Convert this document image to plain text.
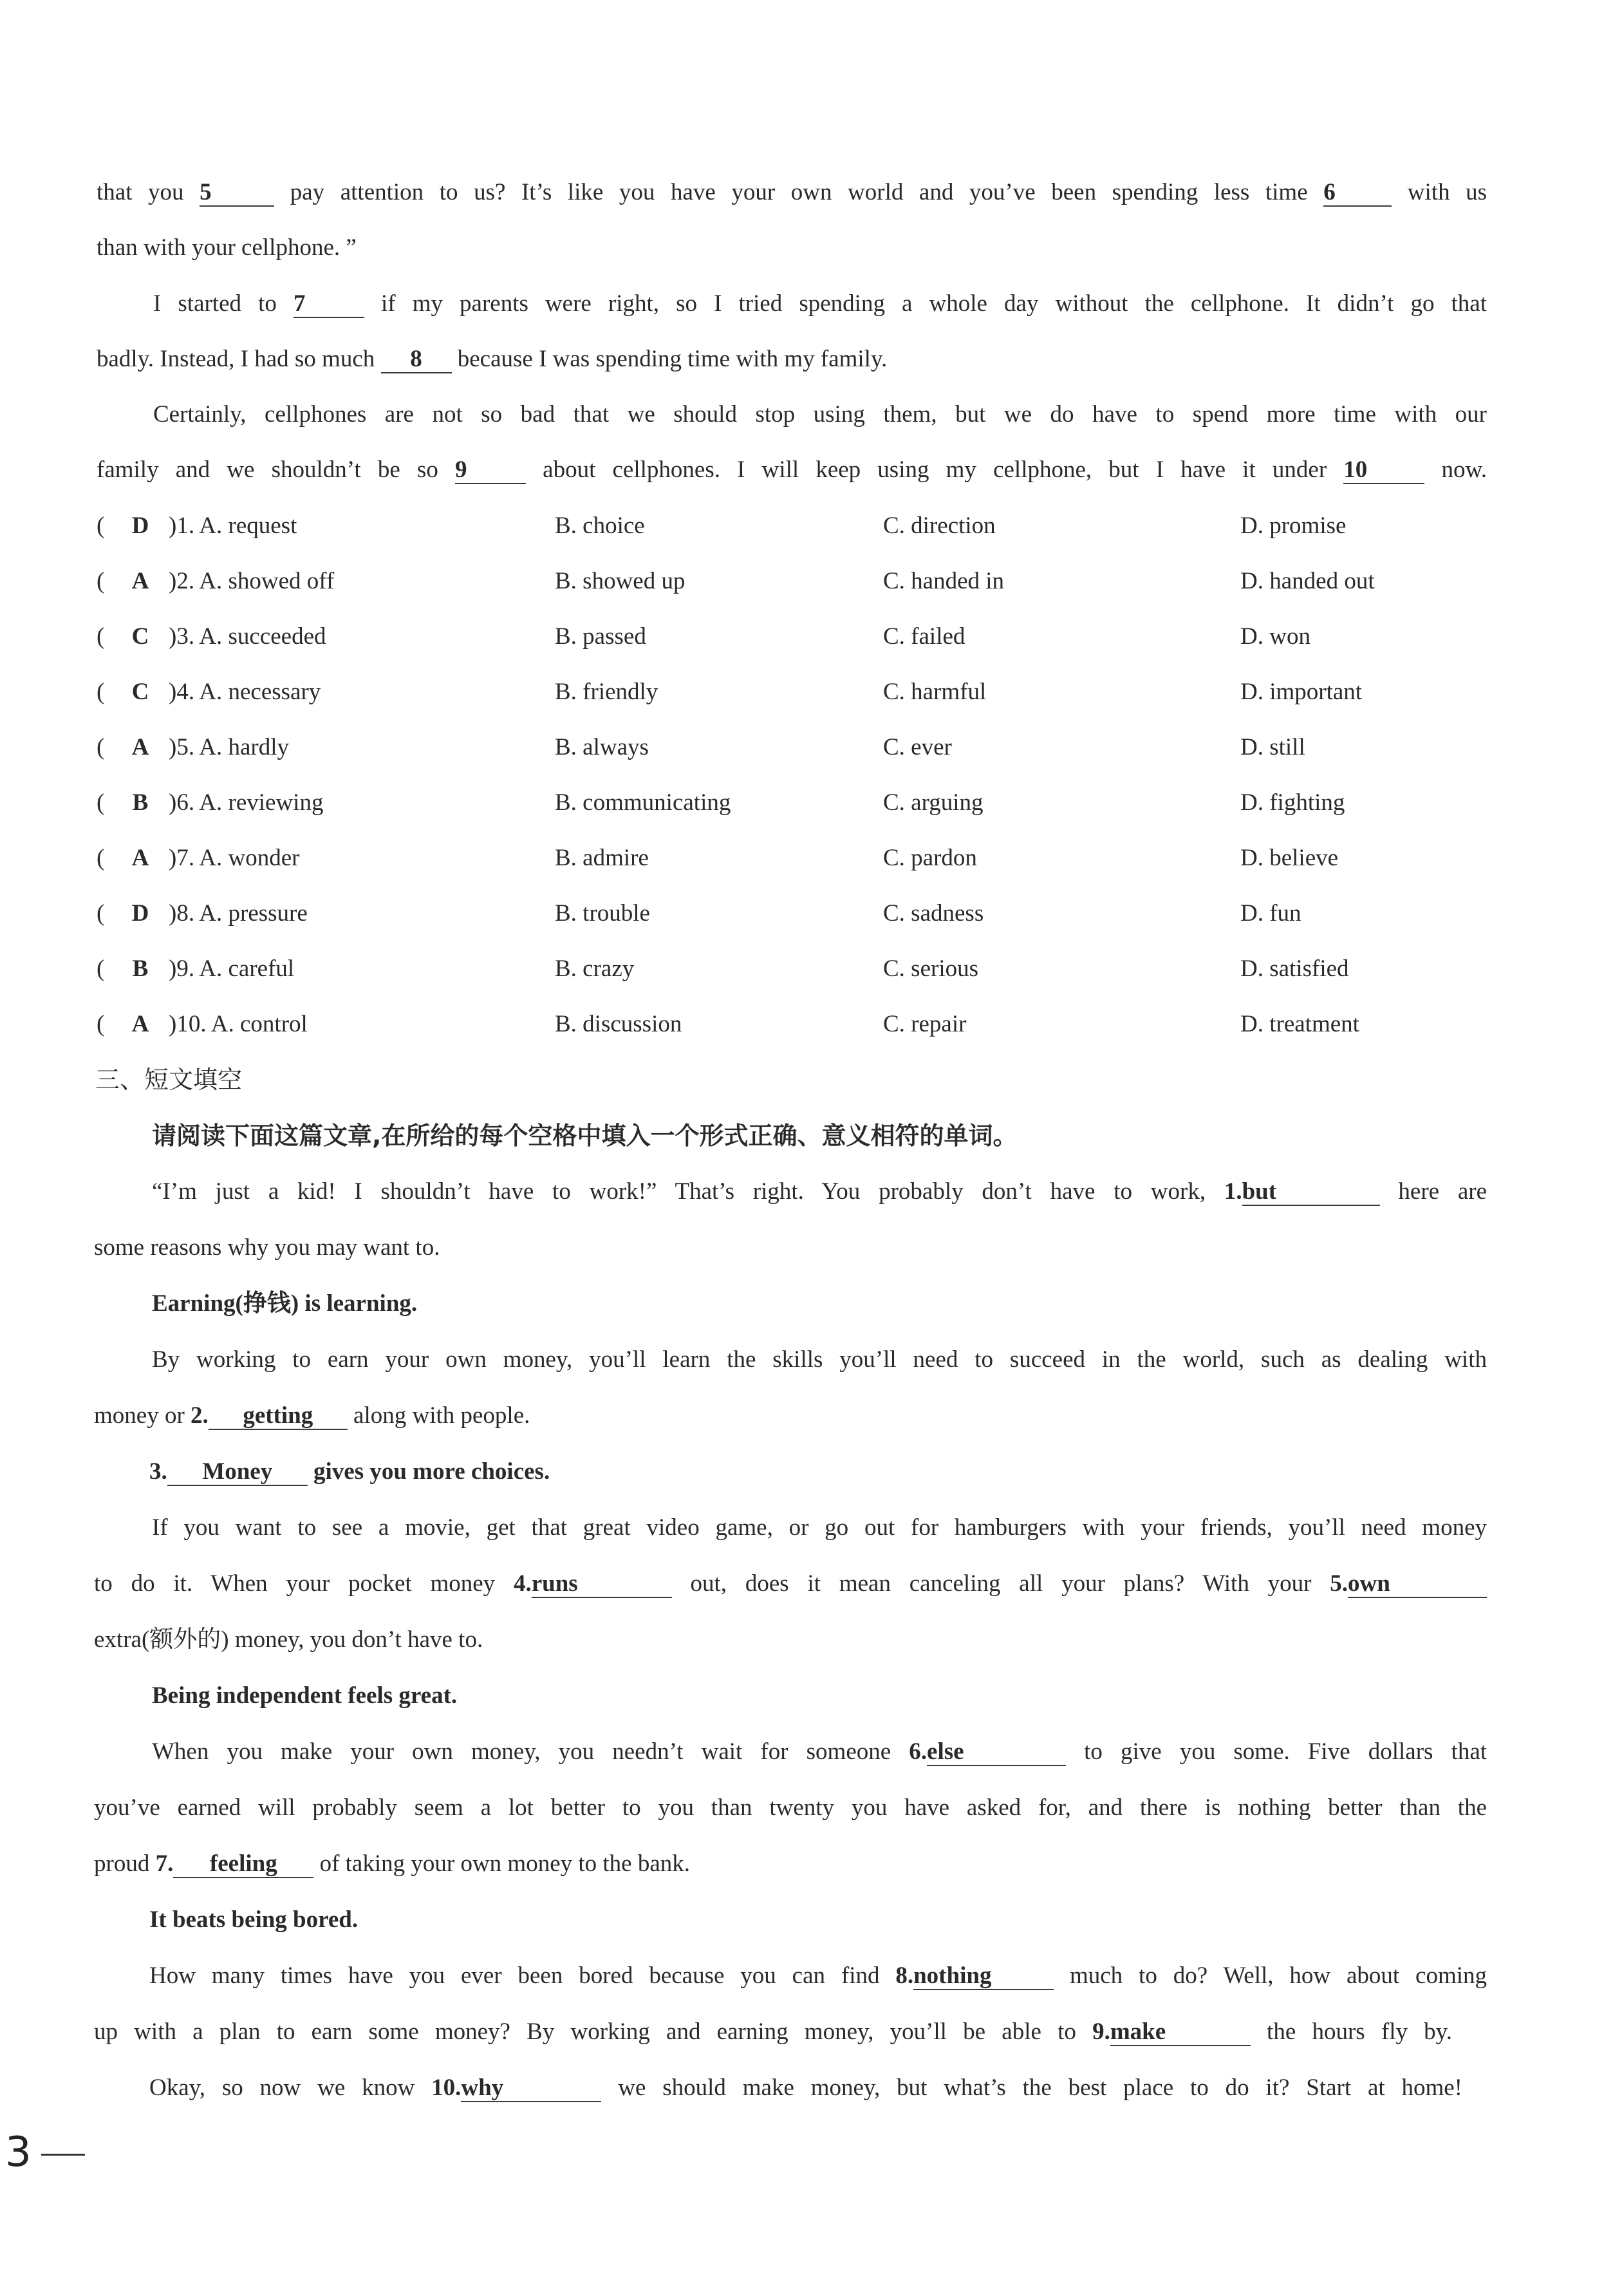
that you 5	pay attention to us? It’s like you have your own world and you’ve been spending less time 6	with us
than with your cellphone. ”
I started to 7	if my parents were right, so I tried spending a whole day without the cellphone. It didn’t go that
badly. Instead, I had so much 8 because I was spending time with my family.
Certainly, cellphones are not so bad that we should stop using them, but we do have to spend more time with our
family and we shouldn’t be so 9	about cellphones. I will keep using my cellphone, but I have it under 10	now.
(	D )1. A. request	B. choice	C. direction	D. promise
(	A )2. A. showed off	B. showed up	C. handed in	D. handed out
(	C )3. A. succeeded	B. passed	C. failed	D. won
(	C )4. A. necessary	B. friendly	C. harmful	D. important
(	A )5. A. hardly	B. always	C. ever	D. still
(	B )6. A. reviewing	B. communicating	C. arguing	D. fighting
(	A )7. A. wonder	B. admire	C. pardon	D. believe
(	D )8. A. pressure	B. trouble	C. sadness	D. fun
(	B )9. A. careful	B. crazy	C. serious	D. satisfied
(	A )10. A. control	B. discussion	C. repair	D. treatment
三、短文填空
请阅读下面这篇文章,在所给的每个空格中填入一个形式正确、意义相符的单词。
“I’m just a kid! I shouldn’t have to work!” That’s right. You probably don’t have to work, 1.but	here are
some reasons why you may want to.
Earning(挣钱) is learning.
By working to earn your own money, you’ll learn the skills you’ll need to succeed in the world, such as dealing with
money or 2. getting along with people.
3. Money gives you more choices.
If you want to see a movie, get that great video game, or go out for hamburgers with your friends, you’ll need money
to do it. When your pocket money 4.runs	out, does it mean canceling all your plans? With your 5.own
extra(额外的) money, you don’t have to.
Being independent feels great.
When you make your own money, you needn’t wait for someone 6.else	to give you some. Five dollars that
you’ve earned will probably seem a lot better to you than twenty you have asked for, and there is nothing better than the
proud 7. feeling of taking your own money to the bank.
It beats being bored.
How many times have you ever been bored because you can find 8.nothing	much to do? Well, how about coming
up with a plan to earn some money? By working and earning money, you’ll be able to 9.make	the hours fly by.
Okay, so now we know 10.why	we should make money, but what’s the best place to do it? Start at home!
3
